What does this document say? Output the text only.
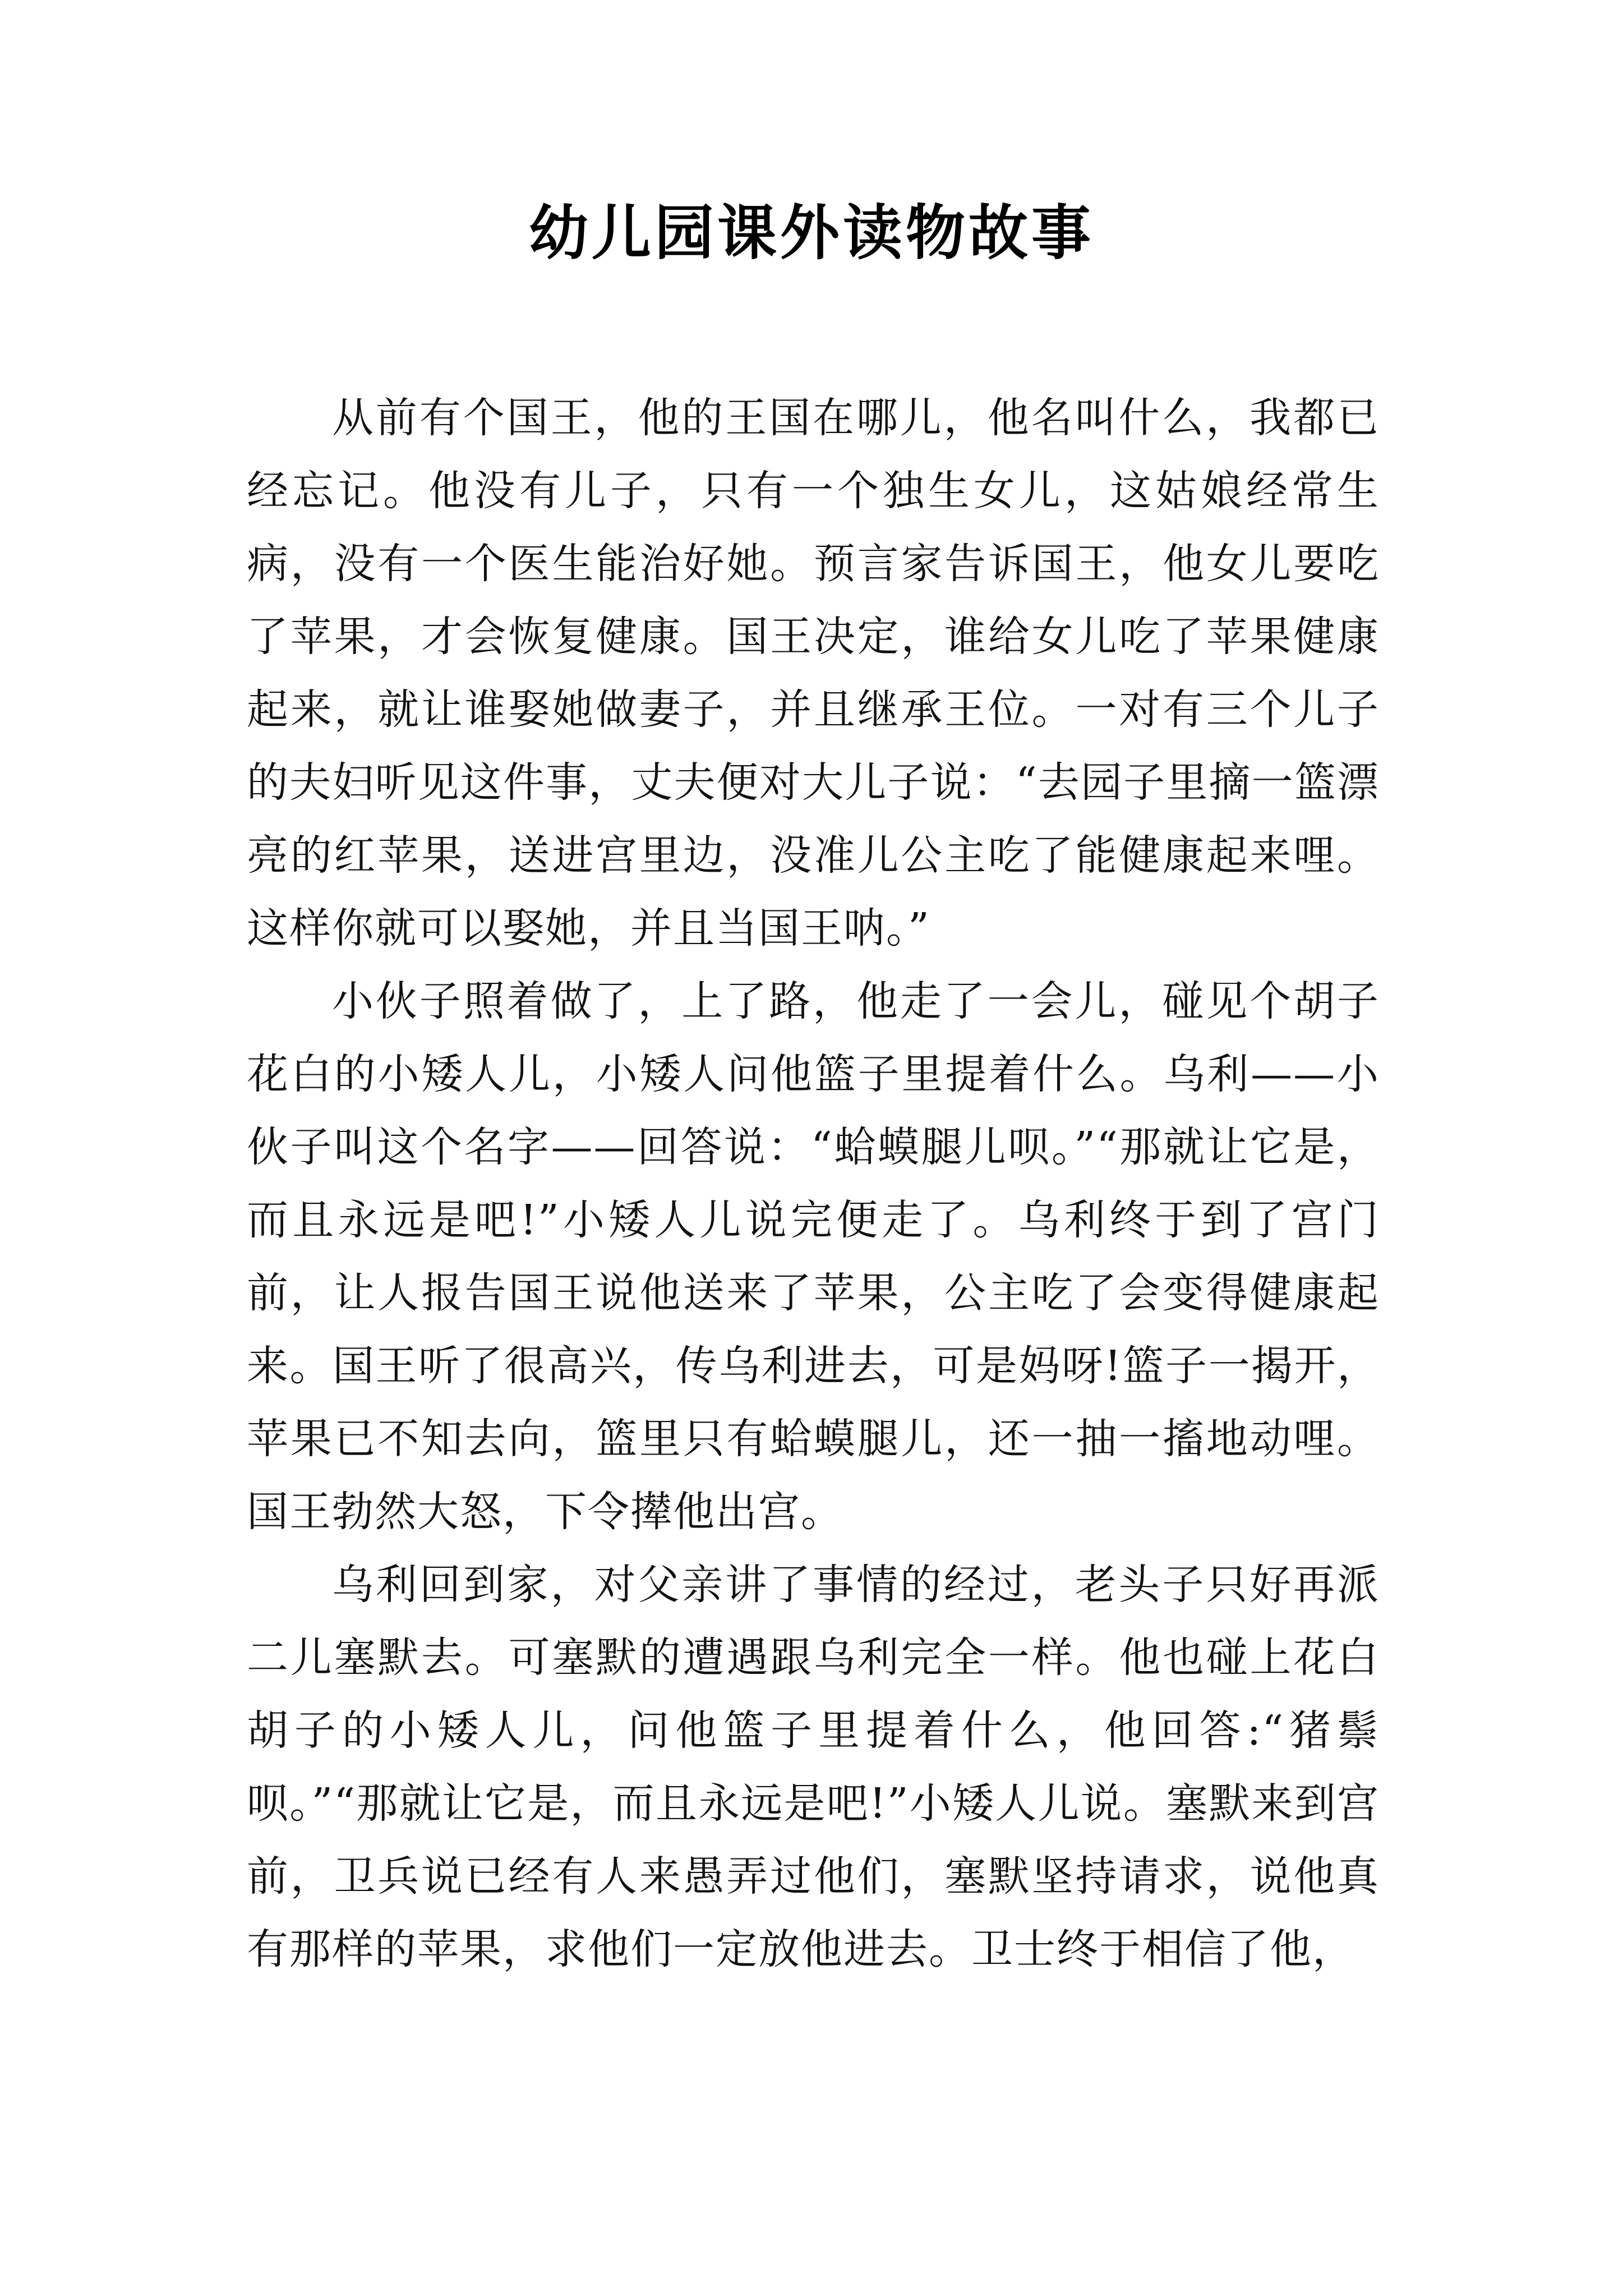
幼儿园课外读物故事

从前有个国王，他的王国在哪儿，他名叫什么，我都已经忘记。他没有儿子，只有一个独生女儿，这姑娘经常生病，没有一个医生能治好她。预言家告诉国王，他女儿要吃了苹果，才会恢复健康。国王决定，谁给女儿吃了苹果健康起来，就让谁娶她做妻子，并且继承王位。一对有三个儿子的夫妇听见这件事，丈夫便对大儿子说：“去园子里摘一篮漂亮的红苹果，送进宫里边，没准儿公主吃了能健康起来哩。这样你就可以娶她，并且当国王呐。”

小伙子照着做了，上了路，他走了一会儿，碰见个胡子花白的小矮人儿，小矮人问他篮子里提着什么。乌利——小伙子叫这个名字——回答说：“蛤蟆腿儿呗。”“那就让它是，而且永远是吧!”小矮人儿说完便走了。乌利终于到了宫门前，让人报告国王说他送来了苹果，公主吃了会变得健康起来。国王听了很高兴，传乌利进去，可是妈呀!篮子一揭开，苹果已不知去向，篮里只有蛤蟆腿儿，还一抽一搐地动哩。国王勃然大怒，下令撵他出宫。

乌利回到家，对父亲讲了事情的经过，老头子只好再派二儿塞默去。可塞默的遭遇跟乌利完全一样。他也碰上花白胡子的小矮人儿，问他篮子里提着什么，他回答:“猪鬃呗。”“那就让它是，而且永远是吧!”小矮人儿说。塞默来到宫前，卫兵说已经有人来愚弄过他们，塞默坚持请求，说他真有那样的苹果，求他们一定放他进去。卫士终于相信了他，
